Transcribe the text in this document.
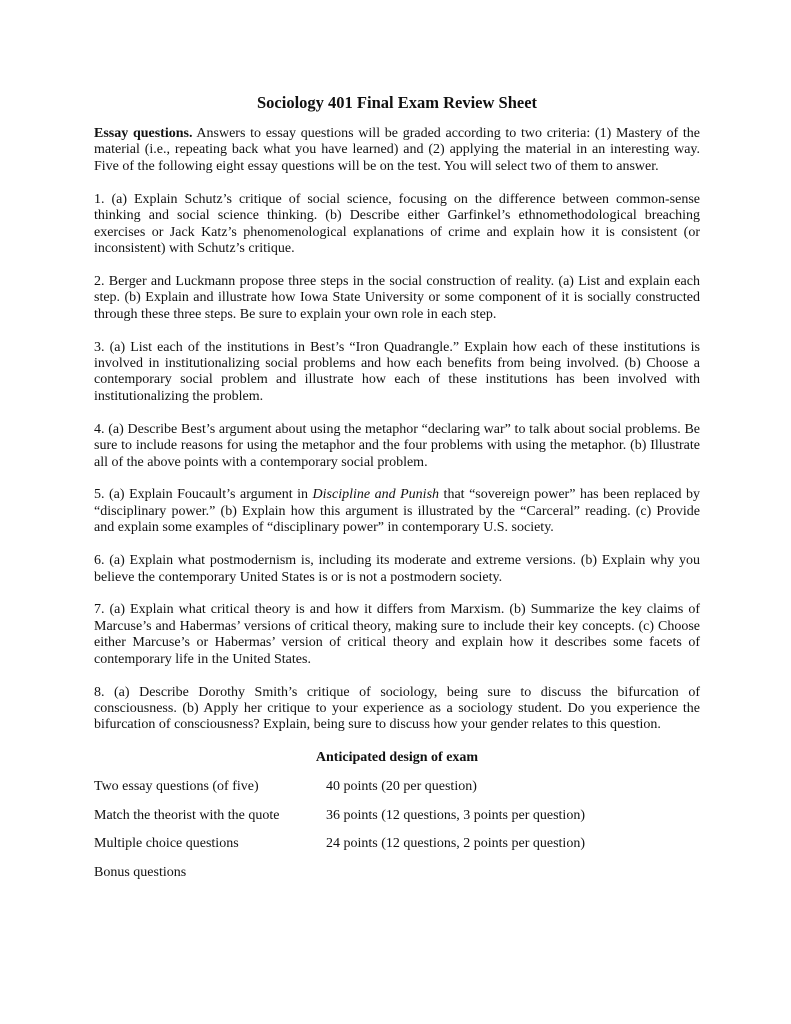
Sociology 401 Final Exam Review Sheet

Essay questions. Answers to essay questions will be graded according to two criteria: (1) Mastery of the material (i.e., repeating back what you have learned) and (2) applying the material in an interesting way. Five of the following eight essay questions will be on the test. You will select two of them to answer.

1. (a) Explain Schutz’s critique of social science, focusing on the difference between common-sense thinking and social science thinking. (b) Describe either Garfinkel’s ethnomethodological breaching exercises or Jack Katz’s phenomenological explanations of crime and explain how it is consistent (or inconsistent) with Schutz’s critique.

2. Berger and Luckmann propose three steps in the social construction of reality. (a) List and explain each step. (b) Explain and illustrate how Iowa State University or some component of it is socially constructed through these three steps. Be sure to explain your own role in each step.

3. (a) List each of the institutions in Best’s “Iron Quadrangle.” Explain how each of these institutions is involved in institutionalizing social problems and how each benefits from being involved. (b) Choose a contemporary social problem and illustrate how each of these institutions has been involved with institutionalizing the problem.

4. (a) Describe Best’s argument about using the metaphor “declaring war” to talk about social problems. Be sure to include reasons for using the metaphor and the four problems with using the metaphor. (b) Illustrate all of the above points with a contemporary social problem.

5. (a) Explain Foucault’s argument in Discipline and Punish that “sovereign power” has been replaced by “disciplinary power.” (b) Explain how this argument is illustrated by the “Carceral” reading. (c) Provide and explain some examples of “disciplinary power” in contemporary U.S. society.

6. (a) Explain what postmodernism is, including its moderate and extreme versions. (b) Explain why you believe the contemporary United States is or is not a postmodern society.

7. (a) Explain what critical theory is and how it differs from Marxism. (b) Summarize the key claims of Marcuse’s and Habermas’ versions of critical theory, making sure to include their key concepts. (c) Choose either Marcuse’s or Habermas’ version of critical theory and explain how it describes some facets of contemporary life in the United States.

8. (a) Describe Dorothy Smith’s critique of sociology, being sure to discuss the bifurcation of consciousness. (b) Apply her critique to your experience as a sociology student. Do you experience the bifurcation of consciousness? Explain, being sure to discuss how your gender relates to this question.

Anticipated design of exam
Two essay questions (of five)	40 points (20 per question)
Match the theorist with the quote	36 points (12 questions, 3 points per question)
Multiple choice questions	24 points (12 questions, 2 points per question)
Bonus questions
